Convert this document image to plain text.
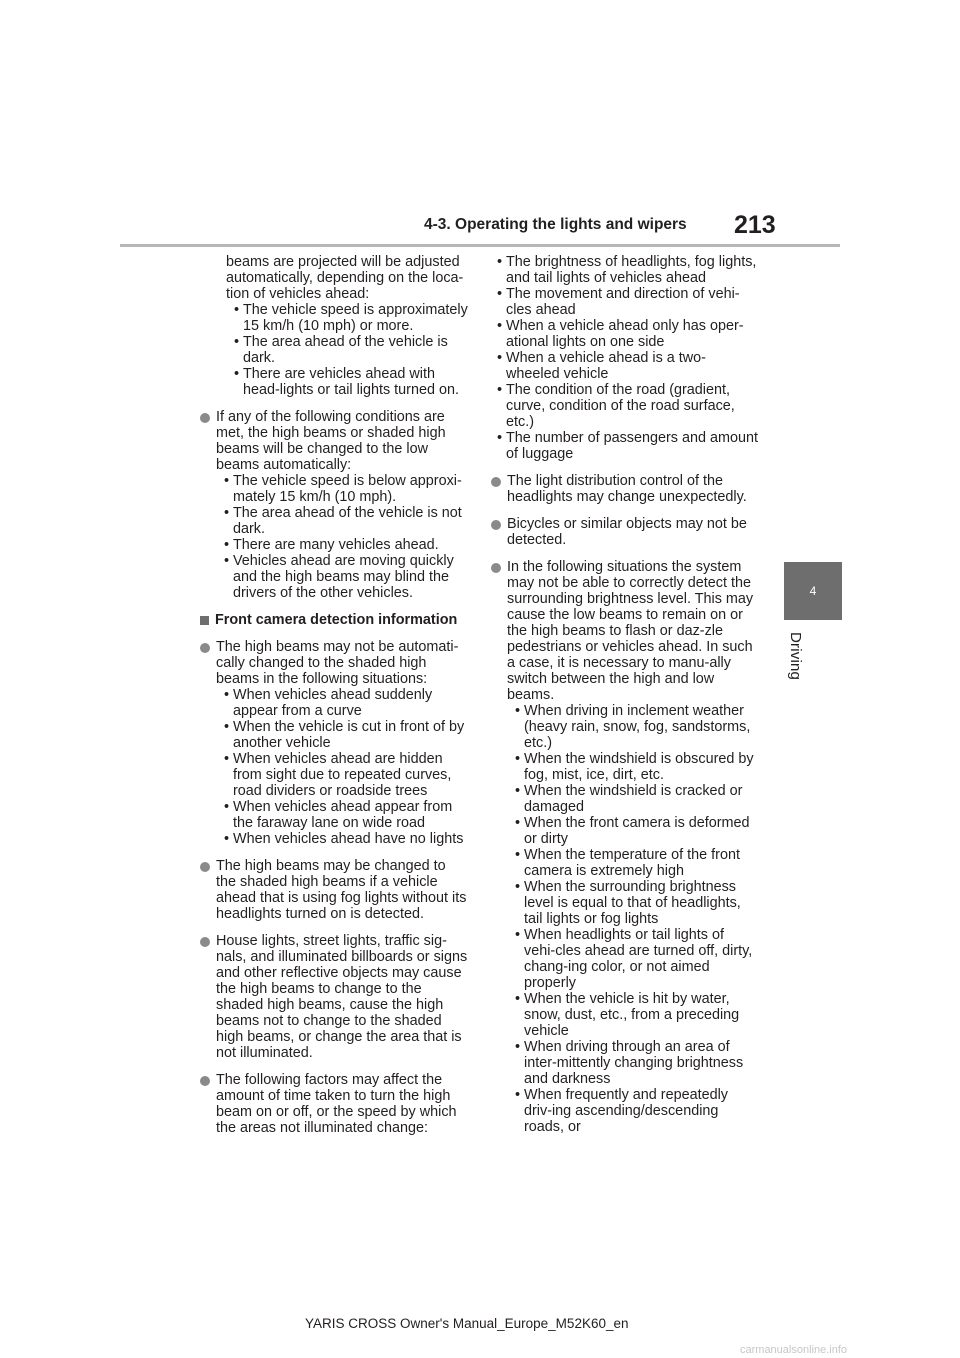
4-3. Operating the lights and wipers 213
4
Driving
beams are projected will be adjusted
automatically, depending on the loca-
tion of vehicles ahead:
• The vehicle speed is approximately 15 km/h (10 mph) or more.
• The area ahead of the vehicle is dark.
• There are vehicles ahead with head-lights or tail lights turned on.
If any of the following conditions are met, the high beams or shaded high beams will be changed to the low beams automatically:
• The vehicle speed is below approxi-mately 15 km/h (10 mph).
• The area ahead of the vehicle is not dark.
• There are many vehicles ahead.
• Vehicles ahead are moving quickly and the high beams may blind the drivers of the other vehicles.
Front camera detection information
The high beams may not be automati-cally changed to the shaded high beams in the following situations:
• When vehicles ahead suddenly appear from a curve
• When the vehicle is cut in front of by another vehicle
• When vehicles ahead are hidden from sight due to repeated curves, road dividers or roadside trees
• When vehicles ahead appear from the faraway lane on wide road
• When vehicles ahead have no lights
The high beams may be changed to the shaded high beams if a vehicle ahead that is using fog lights without its headlights turned on is detected.
House lights, street lights, traffic sig-nals, and illuminated billboards or signs and other reflective objects may cause the high beams to change to the shaded high beams, cause the high beams not to change to the shaded high beams, or change the area that is not illuminated.
The following factors may affect the amount of time taken to turn the high beam on or off, or the speed by which the areas not illuminated change:
• The brightness of headlights, fog lights, and tail lights of vehicles ahead
• The movement and direction of vehi-cles ahead
• When a vehicle ahead only has oper-ational lights on one side
• When a vehicle ahead is a two-wheeled vehicle
• The condition of the road (gradient, curve, condition of the road surface, etc.)
• The number of passengers and amount of luggage
The light distribution control of the headlights may change unexpectedly.
Bicycles or similar objects may not be detected.
In the following situations the system may not be able to correctly detect the surrounding brightness level. This may cause the low beams to remain on or the high beams to flash or daz-zle pedestrians or vehicles ahead. In such a case, it is necessary to manu-ally switch between the high and low beams.
• When driving in inclement weather (heavy rain, snow, fog, sandstorms, etc.)
• When the windshield is obscured by fog, mist, ice, dirt, etc.
• When the windshield is cracked or damaged
• When the front camera is deformed or dirty
• When the temperature of the front camera is extremely high
• When the surrounding brightness level is equal to that of headlights, tail lights or fog lights
• When headlights or tail lights of vehi-cles ahead are turned off, dirty, chang-ing color, or not aimed properly
• When the vehicle is hit by water, snow, dust, etc., from a preceding vehicle
• When driving through an area of inter-mittently changing brightness and darkness
• When frequently and repeatedly driv-ing ascending/descending roads, or
YARIS CROSS Owner's Manual_Europe_M52K60_en
carmanualsonline.info
